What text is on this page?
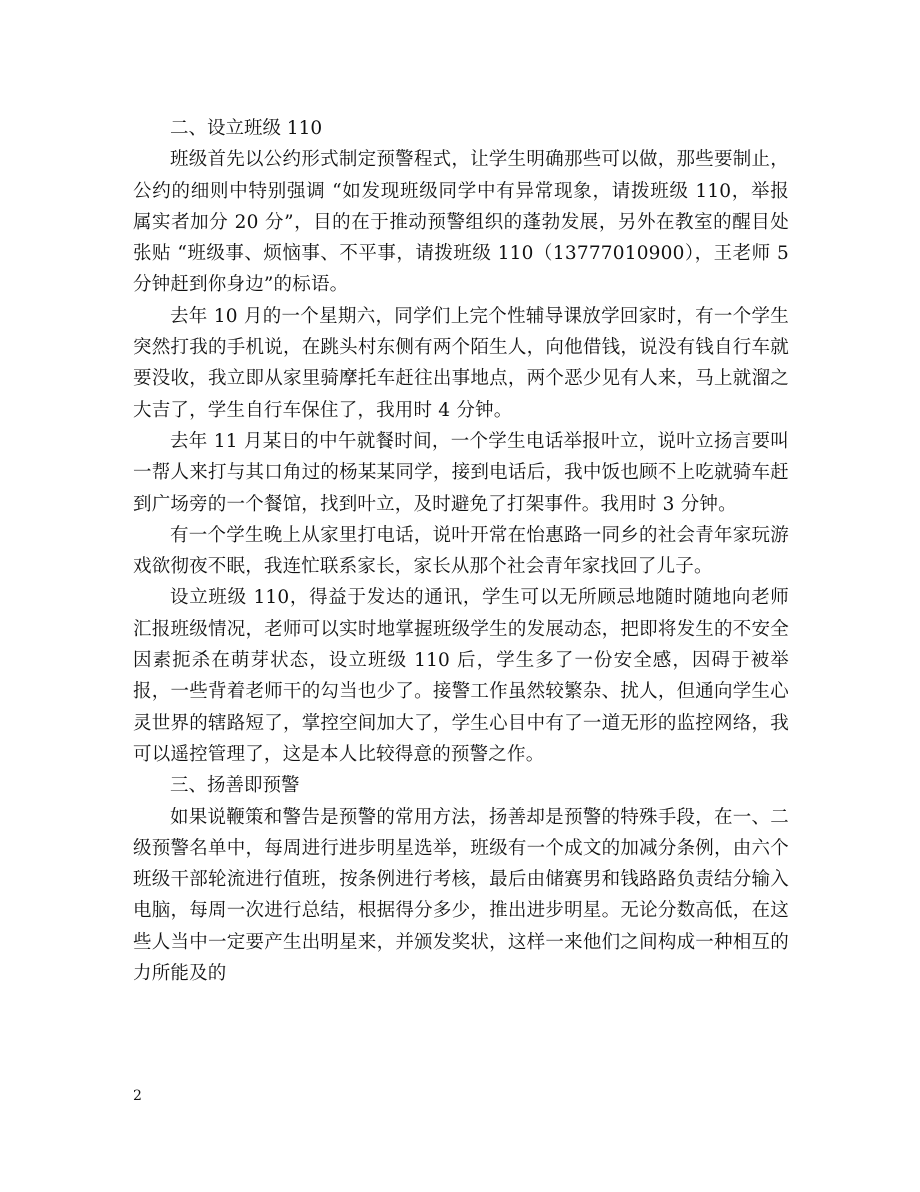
二、设立班级 110

班级首先以公约形式制定预警程式，让学生明确那些可以做，那些要制止，公约的细则中特别强调 “如发现班级同学中有异常现象，请拨班级 110，举报属实者加分 20 分”，目的在于推动预警组织的蓬勃发展，另外在教室的醒目处张贴 “班级事、烦恼事、不平事，请拨班级 110（13777010900），王老师 5 分钟赶到你身边”的标语。

去年 10 月的一个星期六，同学们上完个性辅导课放学回家时，有一个学生突然打我的手机说，在跳头村东侧有两个陌生人，向他借钱，说没有钱自行车就要没收，我立即从家里骑摩托车赶往出事地点，两个恶少见有人来，马上就溜之大吉了，学生自行车保住了，我用时 4 分钟。

去年 11 月某日的中午就餐时间，一个学生电话举报叶立，说叶立扬言要叫一帮人来打与其口角过的杨某某同学，接到电话后，我中饭也顾不上吃就骑车赶到广场旁的一个餐馆，找到叶立，及时避免了打架事件。我用时 3 分钟。

有一个学生晚上从家里打电话，说叶开常在怡惠路一同乡的社会青年家玩游戏欲彻夜不眠，我连忙联系家长，家长从那个社会青年家找回了儿子。

设立班级 110，得益于发达的通讯，学生可以无所顾忌地随时随地向老师汇报班级情况，老师可以实时地掌握班级学生的发展动态，把即将发生的不安全因素扼杀在萌芽状态，设立班级 110 后，学生多了一份安全感，因碍于被举报，一些背着老师干的勾当也少了。接警工作虽然较繁杂、扰人，但通向学生心灵世界的辖路短了，掌控空间加大了，学生心目中有了一道无形的监控网络，我可以遥控管理了，这是本人比较得意的预警之作。

三、扬善即预警

如果说鞭策和警告是预警的常用方法，扬善却是预警的特殊手段，在一、二级预警名单中，每周进行进步明星选举，班级有一个成文的加减分条例，由六个班级干部轮流进行值班，按条例进行考核，最后由储赛男和钱路路负责结分输入电脑，每周一次进行总结，根据得分多少，推出进步明星。无论分数高低，在这些人当中一定要产生出明星来，并颁发奖状，这样一来他们之间构成一种相互的力所能及的

2
